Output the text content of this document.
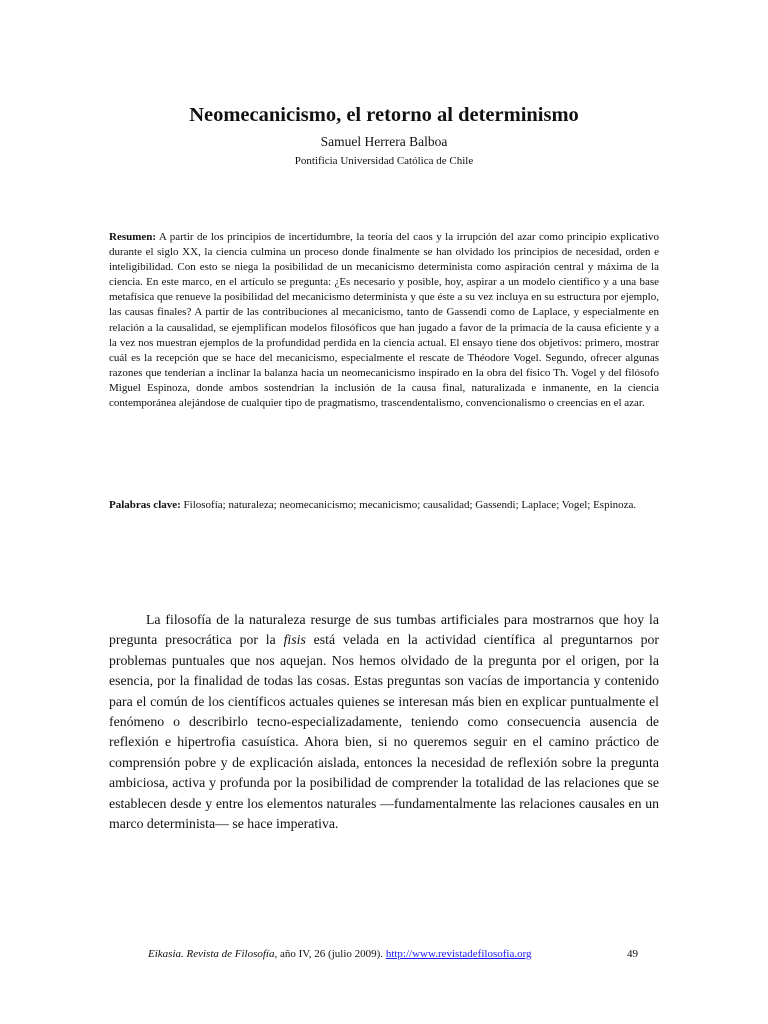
Neomecanicismo, el retorno al determinismo
Samuel Herrera Balboa
Pontificia Universidad Católica de Chile

Resumen: A partir de los principios de incertidumbre, la teoría del caos y la irrupción del azar como principio explicativo durante el siglo XX, la ciencia culmina un proceso donde finalmente se han olvidado los principios de necesidad, orden e inteligibilidad. Con esto se niega la posibilidad de un mecanicismo determinista como aspiración central y máxima de la ciencia. En este marco, en el artículo se pregunta: ¿Es necesario y posible, hoy, aspirar a un modelo científico y a una base metafísica que renueve la posibilidad del mecanicismo determinista y que éste a su vez incluya en su estructura por ejemplo, las causas finales? A partir de las contribuciones al mecanicismo, tanto de Gassendi como de Laplace, y especialmente en relación a la causalidad, se ejemplifican modelos filosóficos que han jugado a favor de la primacía de la causa eficiente y a la vez nos muestran ejemplos de la profundidad perdida en la ciencia actual. El ensayo tiene dos objetivos: primero, mostrar cuál es la recepción que se hace del mecanicismo, especialmente el rescate de Théodore Vogel. Segundo, ofrecer algunas razones que tenderían a inclinar la balanza hacia un neomecanicismo inspirado en la obra del físico Th. Vogel y del filósofo Miguel Espinoza, donde ambos sostendrían la inclusión de la causa final, naturalizada e inmanente, en la ciencia contemporánea alejándose de cualquier tipo de pragmatismo, trascendentalismo, convencionalismo o creencias en el azar.

Palabras clave: Filosofía; naturaleza; neomecanicismo; mecanicismo; causalidad; Gassendi; Laplace; Vogel; Espinoza.

La filosofía de la naturaleza resurge de sus tumbas artificiales para mostrarnos que hoy la pregunta presocrática por la fisis está velada en la actividad científica al preguntarnos por problemas puntuales que nos aquejan. Nos hemos olvidado de la pregunta por el origen, por la esencia, por la finalidad de todas las cosas. Estas preguntas son vacías de importancia y contenido para el común de los científicos actuales quienes se interesan más bien en explicar puntualmente el fenómeno o describirlo tecno-especializadamente, teniendo como consecuencia ausencia de reflexión e hipertrofia casuística. Ahora bien, si no queremos seguir en el camino práctico de comprensión pobre y de explicación aislada, entonces la necesidad de reflexión sobre la pregunta ambiciosa, activa y profunda por la posibilidad de comprender la totalidad de las relaciones que se establecen desde y entre los elementos naturales —fundamentalmente las relaciones causales en un marco determinista— se hace imperativa.

Eikasia. Revista de Filosofía, año IV, 26 (julio 2009). http://www.revistadefilosofia.org	49
